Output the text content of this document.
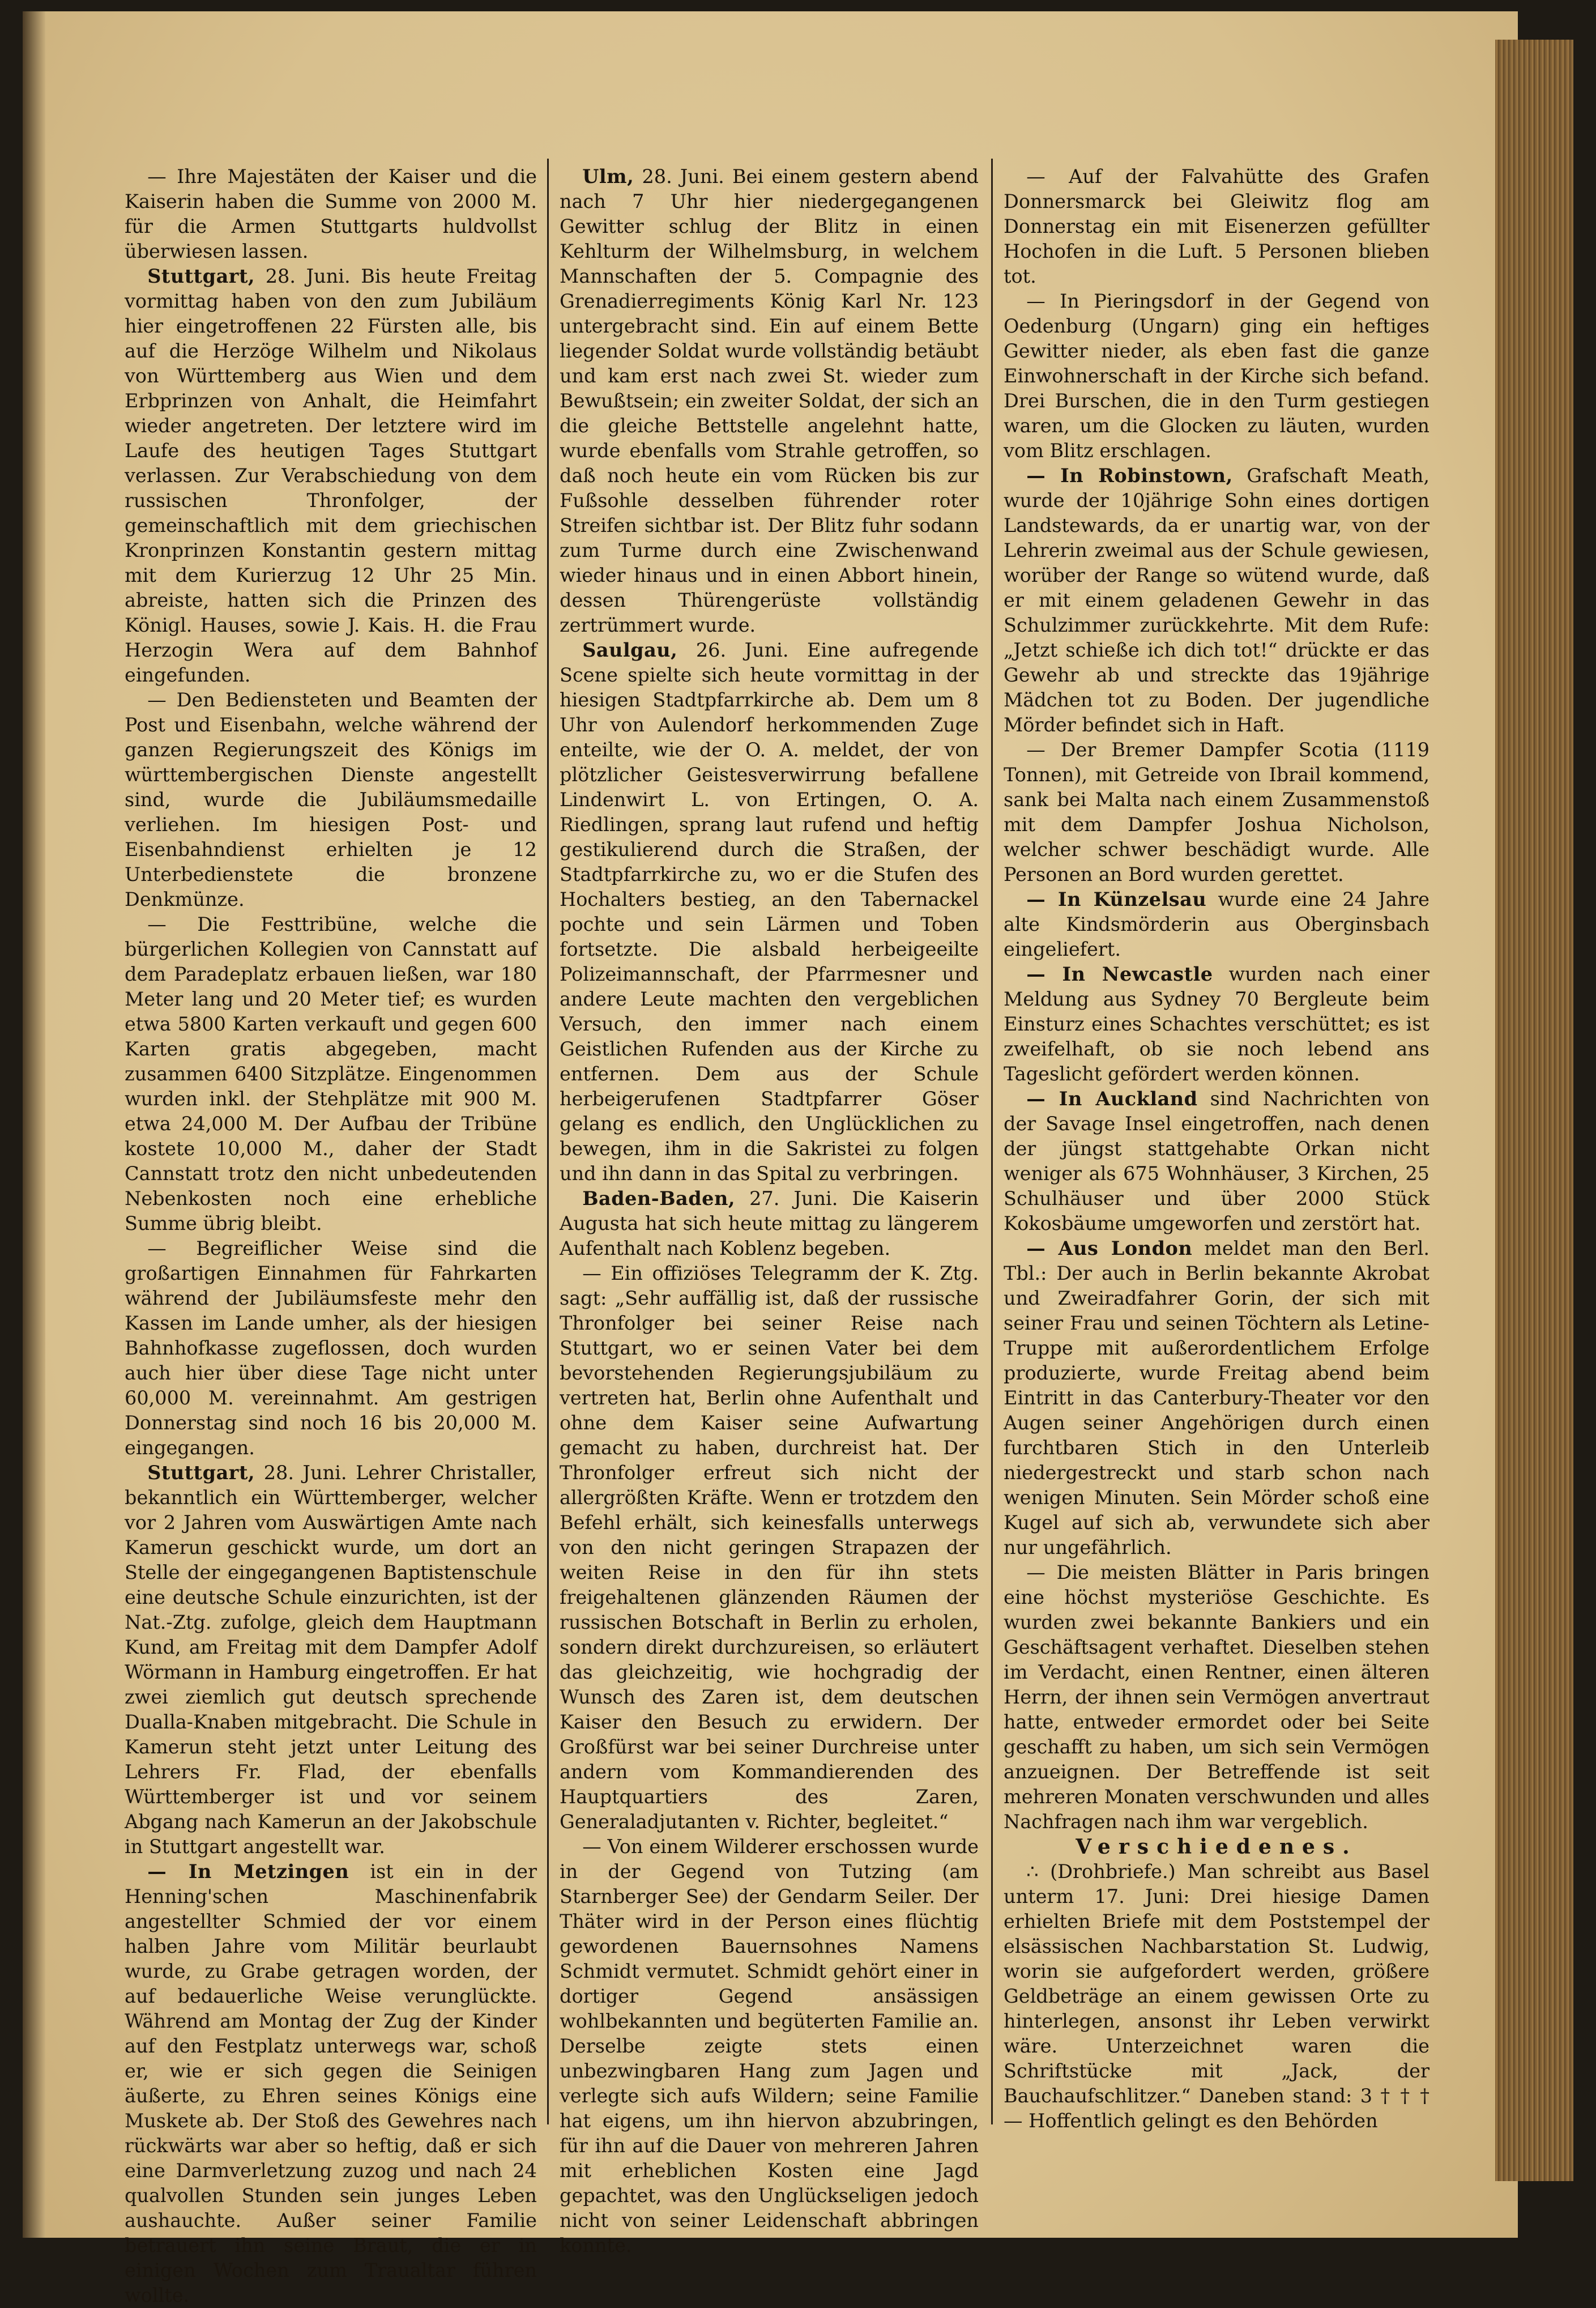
— Ihre Majestäten der Kaiser und die Kaiserin haben die Summe von 2000 M. für die Armen Stuttgarts huldvollst überwiesen lassen.

Stuttgart, 28. Juni. Bis heute Freitag vormittag haben von den zum Jubiläum hier eingetroffenen 22 Fürsten alle, bis auf die Herzöge Wilhelm und Nikolaus von Württemberg aus Wien und dem Erbprinzen von Anhalt, die Heimfahrt wieder angetreten. Der letztere wird im Laufe des heutigen Tages Stuttgart verlassen. Zur Verabschiedung von dem russischen Thronfolger, der gemeinschaftlich mit dem griechischen Kronprinzen Konstantin gestern mittag mit dem Kurierzug 12 Uhr 25 Min. abreiste, hatten sich die Prinzen des Königl. Hauses, sowie J. Kais. H. die Frau Herzogin Wera auf dem Bahnhof eingefunden.

— Den Bediensteten und Beamten der Post und Eisenbahn, welche während der ganzen Regierungszeit des Königs im württembergischen Dienste angestellt sind, wurde die Jubiläumsmedaille verliehen. Im hiesigen Post- und Eisenbahndienst erhielten je 12 Unterbedienstete die bronzene Denkmünze.

— Die Festtribüne, welche die bürgerlichen Kollegien von Cannstatt auf dem Paradeplatz erbauen ließen, war 180 Meter lang und 20 Meter tief; es wurden etwa 5800 Karten verkauft und gegen 600 Karten gratis abgegeben, macht zusammen 6400 Sitzplätze. Eingenommen wurden inkl. der Stehplätze mit 900 M. etwa 24,000 M. Der Aufbau der Tribüne kostete 10,000 M., daher der Stadt Cannstatt trotz den nicht unbedeutenden Nebenkosten noch eine erhebliche Summe übrig bleibt.

— Begreiflicher Weise sind die großartigen Einnahmen für Fahrkarten während der Jubiläumsfeste mehr den Kassen im Lande umher, als der hiesigen Bahnhofkasse zugeflossen, doch wurden auch hier über diese Tage nicht unter 60,000 M. vereinnahmt. Am gestrigen Donnerstag sind noch 16 bis 20,000 M. eingegangen.

Stuttgart, 28. Juni. Lehrer Christaller, bekanntlich ein Württemberger, welcher vor 2 Jahren vom Auswärtigen Amte nach Kamerun geschickt wurde, um dort an Stelle der eingegangenen Baptistenschule eine deutsche Schule einzurichten, ist der Nat.-Ztg. zufolge, gleich dem Hauptmann Kund, am Freitag mit dem Dampfer Adolf Wörmann in Hamburg eingetroffen. Er hat zwei ziemlich gut deutsch sprechende Dualla-Knaben mitgebracht. Die Schule in Kamerun steht jetzt unter Leitung des Lehrers Fr. Flad, der ebenfalls Württemberger ist und vor seinem Abgang nach Kamerun an der Jakobschule in Stuttgart angestellt war.

— In Metzingen ist ein in der Henning'schen Maschinenfabrik angestellter Schmied der vor einem halben Jahre vom Militär beurlaubt wurde, zu Grabe getragen worden, der auf bedauerliche Weise verunglückte. Während am Montag der Zug der Kinder auf den Festplatz unterwegs war, schoß er, wie er sich gegen die Seinigen äußerte, zu Ehren seines Königs eine Muskete ab. Der Stoß des Gewehres nach rückwärts war aber so heftig, daß er sich eine Darmverletzung zuzog und nach 24 qualvollen Stunden sein junges Leben aushauchte. Außer seiner Familie betrauert ihn seine Braut, die er in einigen Wochen zum Traualtar führen wollte.

Ulm, 28. Juni. Bei einem gestern abend nach 7 Uhr hier niedergegangenen Gewitter schlug der Blitz in einen Kehlturm der Wilhelmsburg, in welchem Mannschaften der 5. Compagnie des Grenadierregiments König Karl Nr. 123 untergebracht sind. Ein auf einem Bette liegender Soldat wurde vollständig betäubt und kam erst nach zwei St. wieder zum Bewußtsein; ein zweiter Soldat, der sich an die gleiche Bettstelle angelehnt hatte, wurde ebenfalls vom Strahle getroffen, so daß noch heute ein vom Rücken bis zur Fußsohle desselben führender roter Streifen sichtbar ist. Der Blitz fuhr sodann zum Turme durch eine Zwischenwand wieder hinaus und in einen Abbort hinein, dessen Thürengerüste vollständig zertrümmert wurde.

Saulgau, 26. Juni. Eine aufregende Scene spielte sich heute vormittag in der hiesigen Stadtpfarrkirche ab. Dem um 8 Uhr von Aulendorf herkommenden Zuge enteilte, wie der O. A. meldet, der von plötzlicher Geistesverwirrung befallene Lindenwirt L. von Ertingen, O. A. Riedlingen, sprang laut rufend und heftig gestikulierend durch die Straßen, der Stadtpfarrkirche zu, wo er die Stufen des Hochalters bestieg, an den Tabernackel pochte und sein Lärmen und Toben fortsetzte. Die alsbald herbeigeeilte Polizeimannschaft, der Pfarrmesner und andere Leute machten den vergeblichen Versuch, den immer nach einem Geistlichen Rufenden aus der Kirche zu entfernen. Dem aus der Schule herbeigerufenen Stadtpfarrer Göser gelang es endlich, den Unglücklichen zu bewegen, ihm in die Sakristei zu folgen und ihn dann in das Spital zu verbringen.

Baden-Baden, 27. Juni. Die Kaiserin Augusta hat sich heute mittag zu längerem Aufenthalt nach Koblenz begeben.

— Ein offiziöses Telegramm der K. Ztg. sagt: „Sehr auffällig ist, daß der russische Thronfolger bei seiner Reise nach Stuttgart, wo er seinen Vater bei dem bevorstehenden Regierungsjubiläum zu vertreten hat, Berlin ohne Aufenthalt und ohne dem Kaiser seine Aufwartung gemacht zu haben, durchreist hat. Der Thronfolger erfreut sich nicht der allergrößten Kräfte. Wenn er trotzdem den Befehl erhält, sich keinesfalls unterwegs von den nicht geringen Strapazen der weiten Reise in den für ihn stets freigehaltenen glänzenden Räumen der russischen Botschaft in Berlin zu erholen, sondern direkt durchzureisen, so erläutert das gleichzeitig, wie hochgradig der Wunsch des Zaren ist, dem deutschen Kaiser den Besuch zu erwidern. Der Großfürst war bei seiner Durchreise unter andern vom Kommandierenden des Hauptquartiers des Zaren, Generaladjutanten v. Richter, begleitet.“

— Von einem Wilderer erschossen wurde in der Gegend von Tutzing (am Starnberger See) der Gendarm Seiler. Der Thäter wird in der Person eines flüchtig gewordenen Bauernsohnes Namens Schmidt vermutet. Schmidt gehört einer in dortiger Gegend ansässigen wohlbekannten und begüterten Familie an. Derselbe zeigte stets einen unbezwingbaren Hang zum Jagen und verlegte sich aufs Wildern; seine Familie hat eigens, um ihn hiervon abzubringen, für ihn auf die Dauer von mehreren Jahren mit erheblichen Kosten eine Jagd gepachtet, was den Unglückseligen jedoch nicht von seiner Leidenschaft abbringen konnte.

— Auf der Falvahütte des Grafen Donnersmarck bei Gleiwitz flog am Donnerstag ein mit Eisenerzen gefüllter Hochofen in die Luft. 5 Personen blieben tot.

— In Pieringsdorf in der Gegend von Oedenburg (Ungarn) ging ein heftiges Gewitter nieder, als eben fast die ganze Einwohnerschaft in der Kirche sich befand. Drei Burschen, die in den Turm gestiegen waren, um die Glocken zu läuten, wurden vom Blitz erschlagen.

— In Robinstown, Grafschaft Meath, wurde der 10jährige Sohn eines dortigen Landstewards, da er unartig war, von der Lehrerin zweimal aus der Schule gewiesen, worüber der Range so wütend wurde, daß er mit einem geladenen Gewehr in das Schulzimmer zurückkehrte. Mit dem Rufe: „Jetzt schieße ich dich tot!“ drückte er das Gewehr ab und streckte das 19jährige Mädchen tot zu Boden. Der jugendliche Mörder befindet sich in Haft.

— Der Bremer Dampfer Scotia (1119 Tonnen), mit Getreide von Ibrail kommend, sank bei Malta nach einem Zusammenstoß mit dem Dampfer Joshua Nicholson, welcher schwer beschädigt wurde. Alle Personen an Bord wurden gerettet.

— In Künzelsau wurde eine 24 Jahre alte Kindsmörderin aus Oberginsbach eingeliefert.

— In Newcastle wurden nach einer Meldung aus Sydney 70 Bergleute beim Einsturz eines Schachtes verschüttet; es ist zweifelhaft, ob sie noch lebend ans Tageslicht gefördert werden können.

— In Auckland sind Nachrichten von der Savage Insel eingetroffen, nach denen der jüngst stattgehabte Orkan nicht weniger als 675 Wohnhäuser, 3 Kirchen, 25 Schulhäuser und über 2000 Stück Kokosbäume umgeworfen und zerstört hat.

— Aus London meldet man den Berl. Tbl.: Der auch in Berlin bekannte Akrobat und Zweiradfahrer Gorin, der sich mit seiner Frau und seinen Töchtern als Letine-Truppe mit außerordentlichem Erfolge produzierte, wurde Freitag abend beim Eintritt in das Canterbury-Theater vor den Augen seiner Angehörigen durch einen furchtbaren Stich in den Unterleib niedergestreckt und starb schon nach wenigen Minuten. Sein Mörder schoß eine Kugel auf sich ab, verwundete sich aber nur ungefährlich.

— Die meisten Blätter in Paris bringen eine höchst mysteriöse Geschichte. Es wurden zwei bekannte Bankiers und ein Geschäftsagent verhaftet. Dieselben stehen im Verdacht, einen Rentner, einen älteren Herrn, der ihnen sein Vermögen anvertraut hatte, entweder ermordet oder bei Seite geschafft zu haben, um sich sein Vermögen anzueignen. Der Betreffende ist seit mehreren Monaten verschwunden und alles Nachfragen nach ihm war vergeblich.

Verschiedenes.

∴ (Drohbriefe.) Man schreibt aus Basel unterm 17. Juni: Drei hiesige Damen erhielten Briefe mit dem Poststempel der elsässischen Nachbarstation St. Ludwig, worin sie aufgefordert werden, größere Geldbeträge an einem gewissen Orte zu hinterlegen, ansonst ihr Leben verwirkt wäre. Unterzeichnet waren die Schriftstücke mit „Jack, der Bauchaufschlitzer.“ Daneben stand: 3 † † † — Hoffentlich gelingt es den Behörden
